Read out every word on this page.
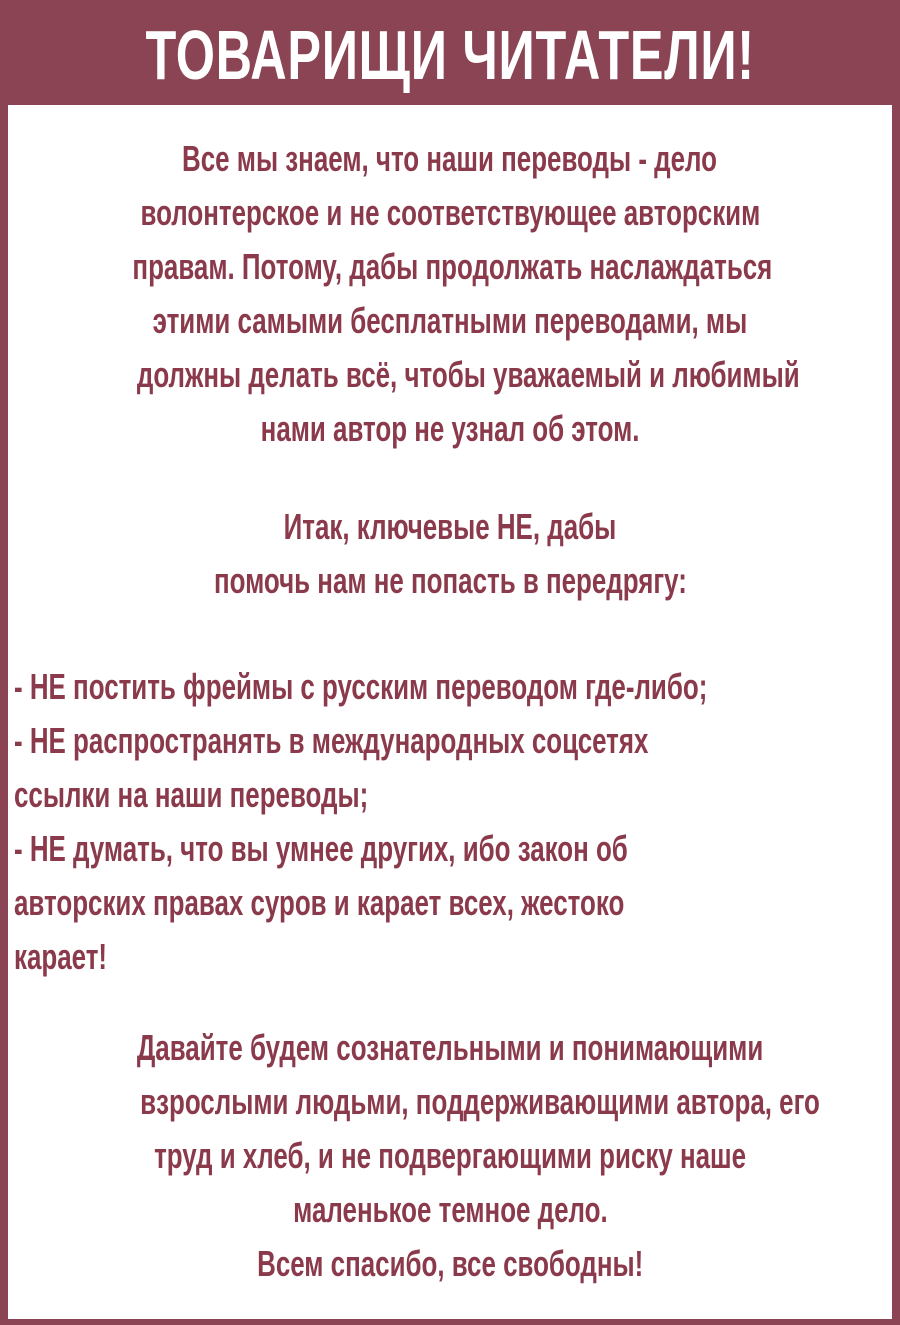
ТОВАРИЩИ ЧИТАТЕЛИ!
Все мы знаем, что наши переводы - дело
волонтерское и не соответствующее авторским
правам. Потому, дабы продолжать наслаждаться
этими самыми бесплатными переводами, мы
должны делать всё, чтобы уважаемый и любимый
нами автор не узнал об этом.
Итак, ключевые НЕ, дабы
помочь нам не попасть в передрягу:
- НЕ постить фреймы с русским переводом где-либо;
- НЕ распространять в международных соцсетях
ссылки на наши переводы;
- НЕ думать, что вы умнее других, ибо закон об
авторских правах суров и карает всех, жестоко
карает!
Давайте будем сознательными и понимающими
взрослыми людьми, поддерживающими автора, его
труд и хлеб, и не подвергающими риску наше
маленькое темное дело.
Всем спасибо, все свободны!
